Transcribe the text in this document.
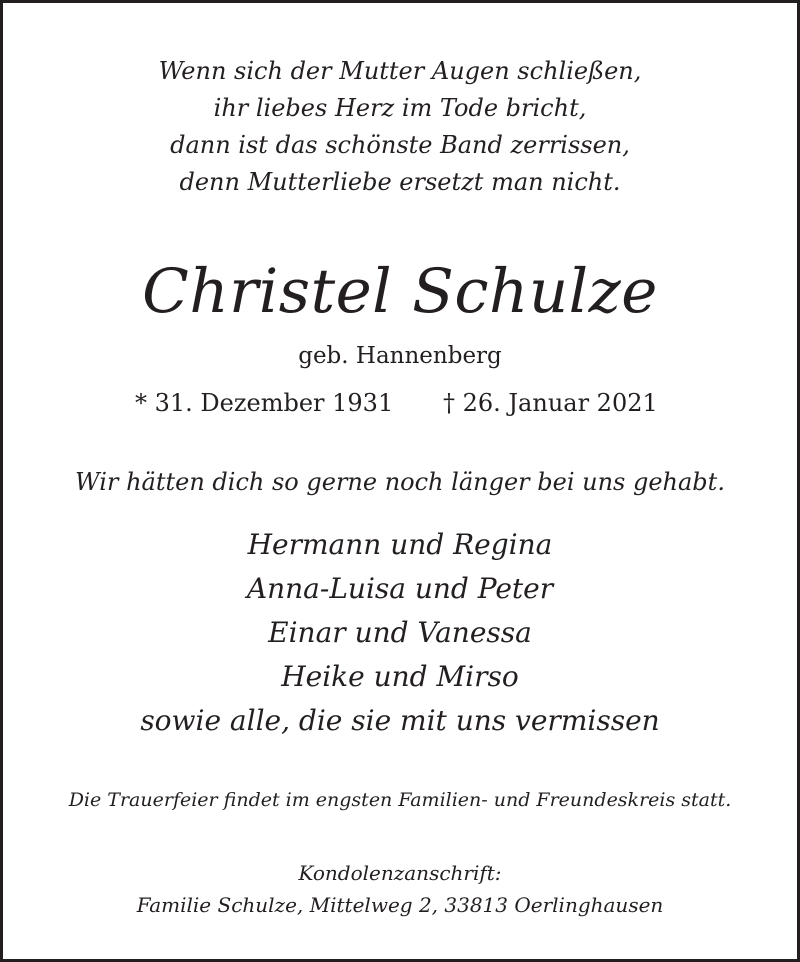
Wenn sich der Mutter Augen schließen,

ihr liebes Herz im Tode bricht,

dann ist das schönste Band zerrissen,

denn Mutterliebe ersetzt man nicht.

Christel Schulze

geb. Hannenberg

* 31. Dezember 1931 † 26. Januar 2021

Wir hätten dich so gerne noch länger bei uns gehabt.

Hermann und Regina

Anna-Luisa und Peter

Einar und Vanessa

Heike und Mirso

sowie alle, die sie mit uns vermissen

Die Trauerfeier findet im engsten Familien- und Freundeskreis statt.

Kondolenzanschrift:

Familie Schulze, Mittelweg 2, 33813 Oerlinghausen
